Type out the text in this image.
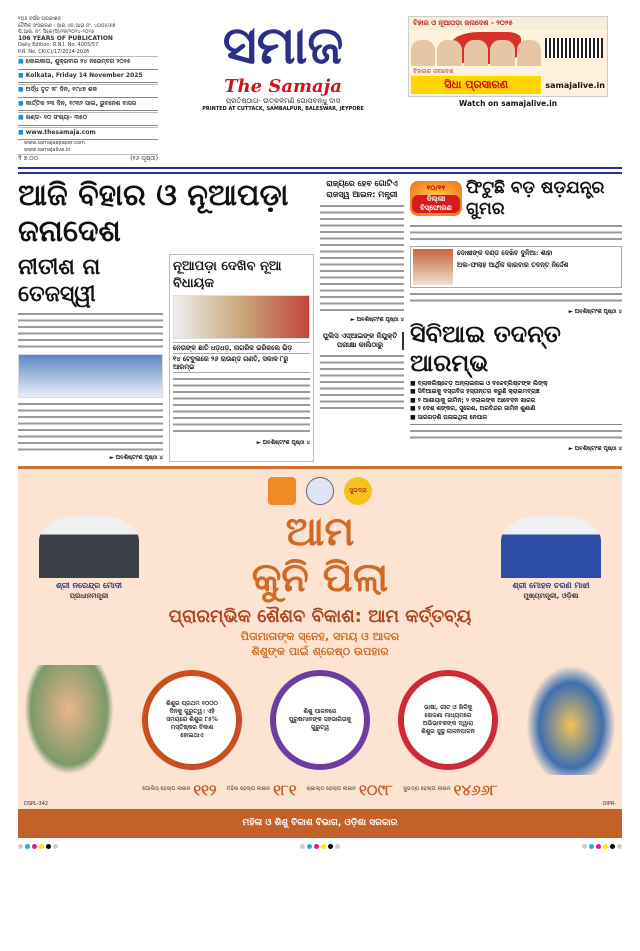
୧୦୬ ବର୍ଷର ପ୍ରକାଶନ
ଦୈନିକ ସଂସ୍କରଣ : ଆର୍.ଏନ୍.ଆଇ ନଂ. ୪୦୦୫/୫୭
ପି.ଆର୍. ନଂ. ସିକେ(ସି)/୧୭/୨୦୨୪-୨୦୨୬
106 YEARS OF PUBLICATION
Daily Edition: R.N.I. No. 4005/57
P.R. No. CK(C)/17/2024-2026
■ କୋଲକାତା, ଶୁକ୍ରବାର ୧୪ ନଭେମ୍ବର ୨୦୨୫
■ Kolkata, Friday 14 November 2025
■ ଅର୍ଦ୍ଧ ତୃତ ୨୮ ଦିନ, ୧୯୪୭ ଶକ
■ କାର୍ତ୍ତିକ ୨୩ ଦିନ, ୧୯୩୨ ସାଲ, ଭୁବନେଶ ବାସର
■ ଖଣ୍ଡ- ୧୦ ସଂଖ୍ୟା- ୩୫୦
■ www.thesamaja.com
www.samajaepaper.com
www.samajalive.in
₹ ୭.୦୦	(୧୬ ପୃଷ୍ଠା)
ସମାଜ
The Samaja
ପ୍ରତିଷ୍ଠାତା- ଉତ୍କଳମଣି ଗୋପବନ୍ଧୁ ଦାସ
PRINTED AT CUTTACK, SAMBALPUR, BALESWAR, JEYPORE
ବିହାର ଓ ନୂଆପଡ଼ା ଜନାଦେଶ - ୨୦୨୫
ବିହାରର ଜନାଦେଶ
ସିଧା ପ୍ରସାରଣ	samajalive.in
Watch on samajalive.in
ଆଜି ବିହାର ଓ ନୂଆପଡ଼ା ଜନାଦେଶ
ନୀତୀଶ ନା ତେଜସ୍ୱୀ
► ଅବଶିଷ୍ଟାଂଶ ପୃଷ୍ଠା ୪
ନୂଆପଡ଼ା ଦେଖିବ ନୂଆ ବିଧାୟକ
ନେତାଙ୍କ ଛାତି ଧଡ଼ଧଡ଼, ନାଗରିକ ଭରିକଲେ ଭିଡ଼
୧୪ ଟେବୁଲରେ ୨୬ ରାଉଣ୍ଡ ଗଣତି, ସକାଳ ୮ରୁ ଆରମ୍ଭ
► ଅବଶିଷ୍ଟାଂଶ ପୃଷ୍ଠା ୪
ରାଜ୍ୟରେ ହେବ ଗୋଟିଏ ରାଜସ୍ୱ ଆଇନ: ମନ୍ତ୍ରୀ
► ଅବଶିଷ୍ଟାଂଶ ପୃଷ୍ଠା ୪
ପୁଲିସ ଏସ୍ଆଇଙ୍କ ନିଯୁକ୍ତି ପରୀକ୍ଷା କାଲିଠାରୁ
୧୦/୧୧
ଦିଲ୍ଲୀ ବିସ୍ଫୋରଣ
ଫିଟୁଛି ବଡ଼ ଷଡ଼ଯନ୍ତ୍ର ଗୁମର
ଦୋଷୀଙ୍କ ଦଣ୍ଡ ଦେଖିବ ଦୁନିଆ: ଶାହା
ଅଲ-ଫଲାହ ଆର୍ଥିକ କାରବାର ତଦନ୍ତ ନିର୍ଦ୍ଦେଶ
► ଅବଶିଷ୍ଟାଂଶ ପୃଷ୍ଠା ୪
ସିବିଆଇ ତଦନ୍ତ ଆରମ୍ଭ
■ ବ୍ଲାକଲିଷ୍ଟେଡ଼ ଅନ୍ଲାଇନାଇ ଓ ବଚ୍ଚେବ୍ଲିଷ୍ଟଙ୍କ ଲିଙ୍କ୍
■ ସିବିଆଇକୁ ଦସ୍ତାବିଜ ହସ୍ତାନ୍ତର କରୁଛି କ୍ରାଇମବ୍ରାଞ୍ଚ
■ ୨ ଆଶାୟାକୁ ଜାମିନ; ୨ ଦଲାଲଙ୍କ ଆବେଦନ ଖାରଜ
■ ୨ ଦେଶ ଶଙ୍କର, ସୁରେଶ, ଅରବିନ୍ଦର ଜାମିନ ଶୁଣାଣି
■ ସାରଗଡ଼ଶି ପଳାଇଥିଲା ନେପାଳ
► ଅବଶିଷ୍ଟାଂଶ ପୃଷ୍ଠା ୪
ସୁଭଦ୍ରା
ଶ୍ରୀ ନରେନ୍ଦ୍ର ମୋଦୀ
ପ୍ରଧାନମନ୍ତ୍ରୀ
ଆମ
କୁନି ପିଲା	ଶ୍ରୀ ମୋହନ ଚରଣ ମାଝୀ
ମୁଖ୍ୟମନ୍ତ୍ରୀ, ଓଡ଼ିଶା
ପ୍ରାରମ୍ଭିକ ଶୈଶବ ବିକାଶ: ଆମ କର୍ତ୍ତବ୍ୟ
ପିତାମାତାଙ୍କ ସ୍ନେହ, ସମୟ ଓ ଆଦର
ଶିଶୁଙ୍କ ପାଇଁ ଶ୍ରେଷ୍ଠ ଉପହାର
ଶିଶୁର ପ୍ରଥମ ୧୦୦୦ ଦିନକୁ ଗୁରୁତ୍ୱ। ଏହି ସମୟରେ ଶିଶୁର ୮୫% ମସ୍ତିଷ୍କର ବିକାଶ ହୋଇଥାଏ
ଶିଶୁ ପାଳନରେ ପୁରୁଷମାନଙ୍କ ସହଭାଗିତାକୁ ଗୁରୁତ୍ୱ
ଭାଷା, ଗୀତ ଓ ଖିଳିକୁ ଖେଳଣା ମାଧ୍ୟମରେ ଅଭିଭାବକଙ୍କ ଦ୍ୱାରା ଶିଶୁର ସୁସ୍ଥ ଲାଳନପାଳନ
ପୋଲିସ୍ ହେଲ୍ପ ଲାଇନ ୧୧୨ ମହିଳା ହେଲ୍ପ ଲାଇନ ୧୮୧ ଚାଇଲ୍ଡ ହେଲ୍ପ ଲାଇନ ୧୦୯୮ ସୁଭଦ୍ରା ହେଲ୍ପ ଲାଇନ ୧୪୬୬୮
DSPL-342	OIPR-
ମହିଳା ଓ ଶିଶୁ ବିକାଶ ବିଭାଗ, ଓଡ଼ିଶା ସରକାର
